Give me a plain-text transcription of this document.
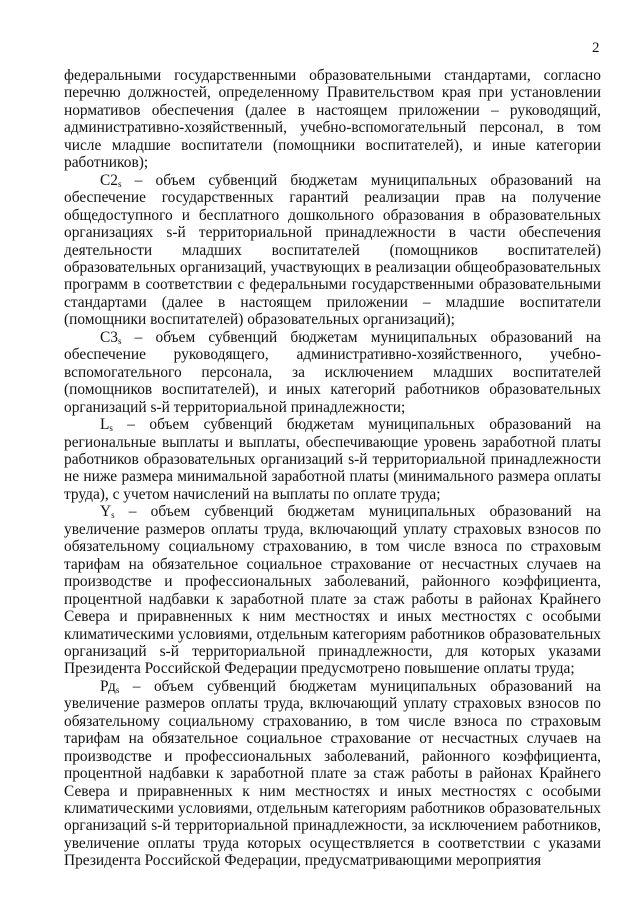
2

федеральными государственными образовательными стандартами, согласно перечню должностей, определенному Правительством края при установлении нормативов обеспечения (далее в настоящем приложении – руководящий, административно-хозяйственный, учебно-вспомогательный персонал, в том числе младшие воспитатели (помощники воспитателей), и иные категории работников);

$C2_s$ – объем субвенций бюджетам муниципальных образований на обеспечение государственных гарантий реализации прав на получение общедоступного и бесплатного дошкольного образования в образовательных организациях s-й территориальной принадлежности в части обеспечения деятельности младших воспитателей (помощников воспитателей) образовательных организаций, участвующих в реализации общеобразовательных программ в соответствии с федеральными государственными образовательными стандартами (далее в настоящем приложении – младшие воспитатели (помощники воспитателей) образовательных организаций);

$C3_s$ – объем субвенций бюджетам муниципальных образований на обеспечение руководящего, административно-хозяйственного, учебно-вспомогательного персонала, за исключением младших воспитателей (помощников воспитателей), и иных категорий работников образовательных организаций s-й территориальной принадлежности;

$L_s$ – объем субвенций бюджетам муниципальных образований на региональные выплаты и выплаты, обеспечивающие уровень заработной платы работников образовательных организаций s-й территориальной принадлежности не ниже размера минимальной заработной платы (минимального размера оплаты труда), с учетом начислений на выплаты по оплате труда;

$Y_s$ – объем субвенций бюджетам муниципальных образований на увеличение размеров оплаты труда, включающий уплату страховых взносов по обязательному социальному страхованию, в том числе взноса по страховым тарифам на обязательное социальное страхование от несчастных случаев на производстве и профессиональных заболеваний, районного коэффициента, процентной надбавки к заработной плате за стаж работы в районах Крайнего Севера и приравненных к ним местностях и иных местностях с особыми климатическими условиями, отдельным категориям работников образовательных организаций s-й территориальной принадлежности, для которых указами Президента Российской Федерации предусмотрено повышение оплаты труда;

$Рд_s$ – объем субвенций бюджетам муниципальных образований на увеличение размеров оплаты труда, включающий уплату страховых взносов по обязательному социальному страхованию, в том числе взноса по страховым тарифам на обязательное социальное страхование от несчастных случаев на производстве и профессиональных заболеваний, районного коэффициента, процентной надбавки к заработной плате за стаж работы в районах Крайнего Севера и приравненных к ним местностях и иных местностях с особыми климатическими условиями, отдельным категориям работников образовательных организаций s-й территориальной принадлежности, за исключением работников, увеличение оплаты труда которых осуществляется в соответствии с указами Президента Российской Федерации, предусматривающими мероприятия
